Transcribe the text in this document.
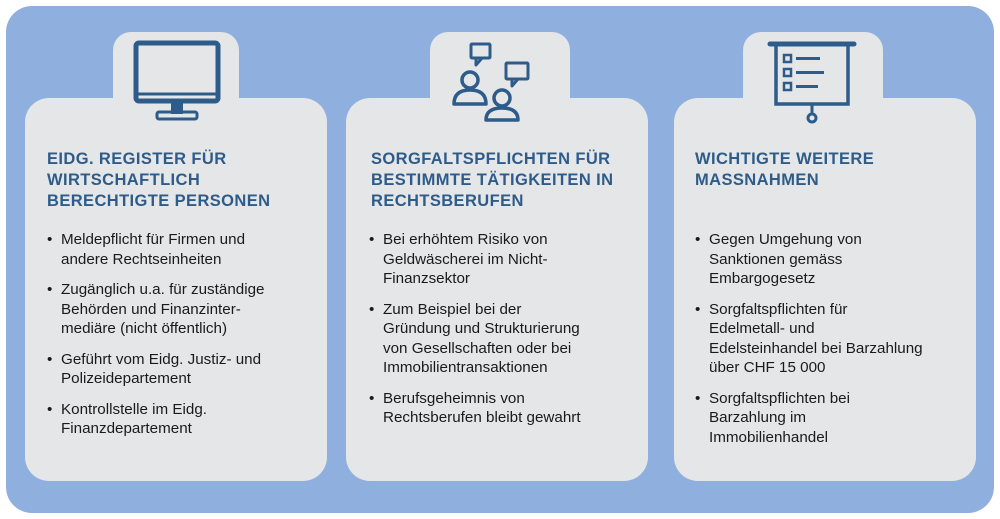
EIDG. REGISTER FÜR
WIRTSCHAFTLICH
BERECHTIGTE PERSONEN
• Meldepflicht für Firmen und
andere Rechtseinheiten
• Zugänglich u.a. für zuständige
Behörden und Finanzinter-
mediäre (nicht öffentlich)
• Geführt vom Eidg. Justiz- und
Polizeidepartement
• Kontrollstelle im Eidg.
Finanzdepartement
SORGFALTSPFLICHTEN FÜR
BESTIMMTE TÄTIGKEITEN IN
RECHTSBERUFEN
• Bei erhöhtem Risiko von
Geldwäscherei im Nicht-
Finanzsektor
• Zum Beispiel bei der
Gründung und Strukturierung
von Gesellschaften oder bei
Immobilientransaktionen
• Berufsgeheimnis von
Rechtsberufen bleibt gewahrt
WICHTIGTE WEITERE
MASSNAHMEN
• Gegen Umgehung von
Sanktionen gemäss
Embargogesetz
• Sorgfaltspflichten für
Edelmetall- und
Edelsteinhandel bei Barzahlung
über CHF 15 000
• Sorgfaltspflichten bei
Barzahlung im
Immobilienhandel
